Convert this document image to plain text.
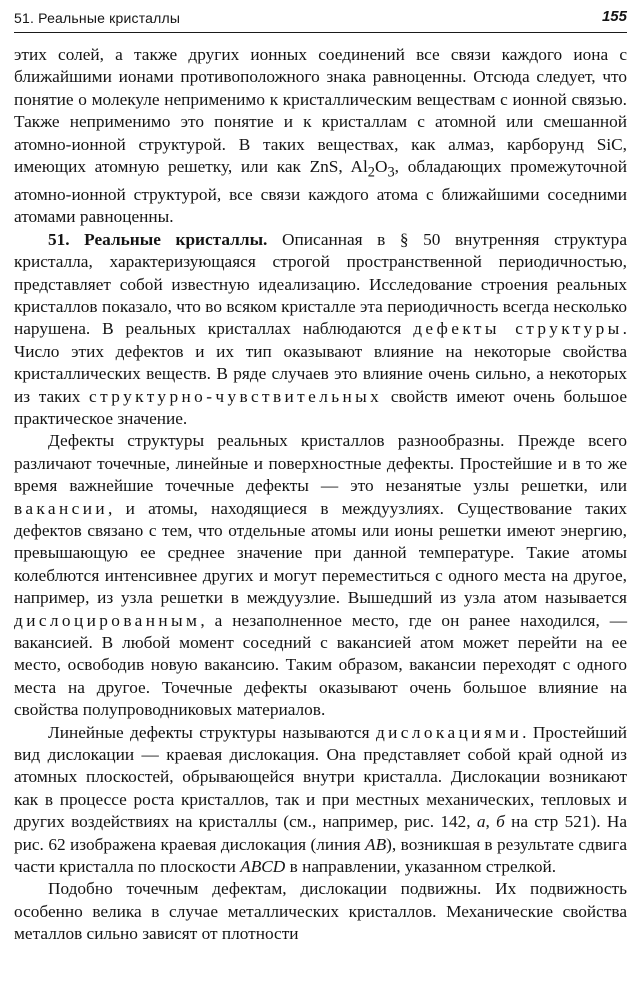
51. Реальные кристаллы	155

этих солей, а также других ионных соединений все связи каждого иона с ближайшими ионами противоположного знака равноценны. Отсюда следует, что понятие о молекуле неприменимо к кристаллическим веществам с ионной связью. Также неприменимо это понятие и к кристаллам с атомной или смешанной атомно-ионной структурой. В таких веществах, как алмаз, карборунд SiC, имеющих атомную решетку, или как ZnS, $Al_2O_3$, обладающих промежуточной атомно-ионной структурой, все связи каждого атома с ближайшими соседними атомами равноценны.

51. Реальные кристаллы. Описанная в § 50 внутренняя структура кристалла, характеризующаяся строгой пространственной периодичностью, представляет собой известную идеализацию. Исследование строения реальных кристаллов показало, что во всяком кристалле эта периодичность всегда несколько нарушена. В реальных кристаллах наблюдаются дефекты структуры. Число этих дефектов и их тип оказывают влияние на некоторые свойства кристаллических веществ. В ряде случаев это влияние очень сильно, а некоторых из таких структурно-чувствительных свойств имеют очень большое практическое значение.

Дефекты структуры реальных кристаллов разнообразны. Прежде всего различают точечные, линейные и поверхностные дефекты. Простейшие и в то же время важнейшие точечные дефекты — это незанятые узлы решетки, или вакансии, и атомы, находящиеся в междуузлиях. Существование таких дефектов связано с тем, что отдельные атомы или ионы решетки имеют энергию, превышающую ее среднее значение при данной температуре. Такие атомы колеблются интенсивнее других и могут переместиться с одного места на другое, например, из узла решетки в междуузлие. Вышедший из узла атом называется дислоцированным, а незаполненное место, где он ранее находился, — вакансией. В любой момент соседний с вакансией атом может перейти на ее место, освободив новую вакансию. Таким образом, вакансии переходят с одного места на другое. Точечные дефекты оказывают очень большое влияние на свойства полупроводниковых материалов.

Линейные дефекты структуры называются дислокациями. Простейший вид дислокации — краевая дислокация. Она представляет собой край одной из атомных плоскостей, обрывающейся внутри кристалла. Дислокации возникают как в процессе роста кристаллов, так и при местных механических, тепловых и других воздействиях на кристаллы (см., например, рис. 142, а, б на стр 521). На рис. 62 изображена краевая дислокация (линия AB), возникшая в результате сдвига части кристалла по плоскости ABCD в направлении, указанном стрелкой.

Подобно точечным дефектам, дислокации подвижны. Их подвижность особенно велика в случае металлических кристаллов. Механические свойства металлов сильно зависят от плотности
